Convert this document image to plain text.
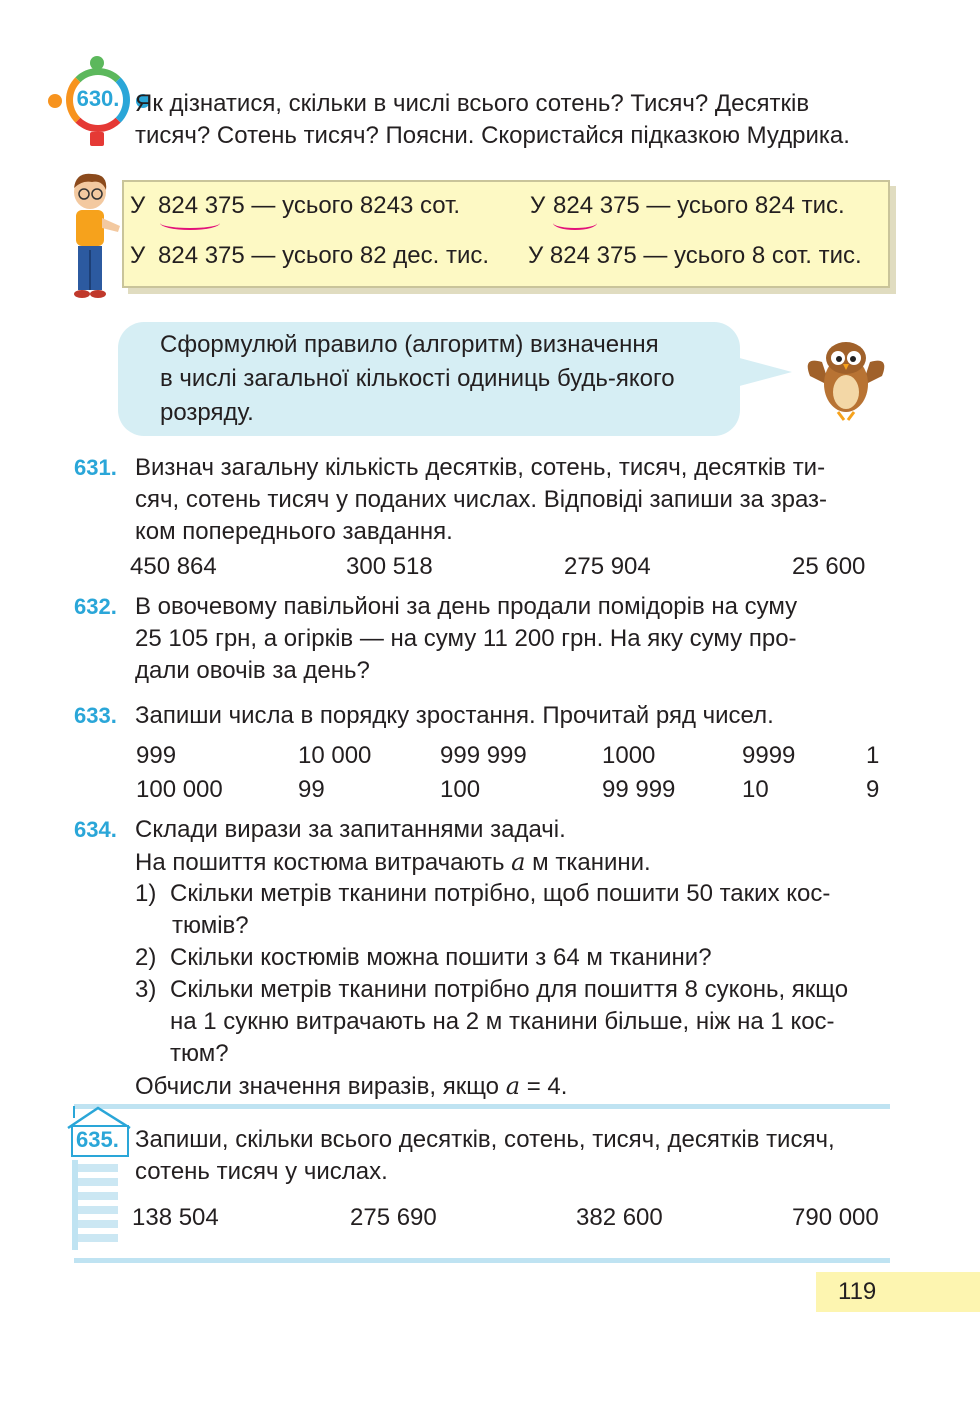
630. Як дізнатися, скільки в числі всього сотень? Тисяч? Десятків
тисяч? Сотень тисяч? Поясни. Скористайся підказкою Мудрика.
У 824 375 — усього 8243 сот.	У 824 375 — усього 824 тис.
У 824 375 — усього 82 дес. тис. У 824 375 — усього 8 сот. тис.
Сформулюй правило (алгоритм) визначення
в числі загальної кількості одиниць будь-якого
розряду.
631. Визнач загальну кількість десятків, сотень, тисяч, десятків ти-
сяч, сотень тисяч у поданих числах. Відповіді запиши за зраз-
ком попереднього завдання.
450 864	300 518	275 904	25 600
632. В овочевому павільйоні за день продали помідорів на суму
25 105 грн, а огірків — на суму 11 200 грн. На яку суму про-
дали овочів за день?
633. Запиши числа в порядку зростання. Прочитай ряд чисел.
999	10 000	999 999	1000	9999	1
100 000	99	100	99 999	10	9
634. Склади вирази за запитаннями задачі.
На пошиття костюма витрачають a м тканини.
1) Скільки метрів тканини потрібно, щоб пошити 50 таких кос-
тюмів?
2) Скільки костюмів можна пошити з 64 м тканини?
3) Скільки метрів тканини потрібно для пошиття 8 суконь, якщо
на 1 сукню витрачають на 2 м тканини більше, ніж на 1 кос-
тюм?
Обчисли значення виразів, якщо a = 4.
635. Запиши, скільки всього десятків, сотень, тисяч, десятків тисяч,
сотень тисяч у числах.
138 504	275 690	382 600	790 000
119
